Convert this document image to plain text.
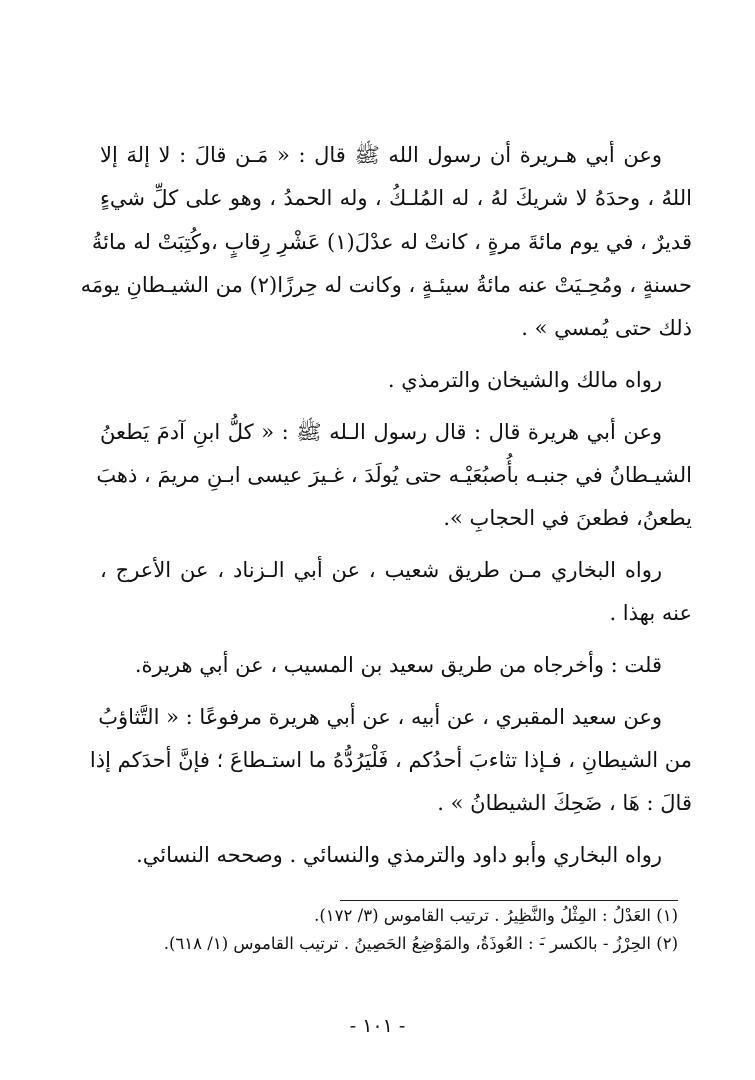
وعن أبي هـريرة أن رسول الله ﷺ قال : « مَـن قالَ : لا إلهَ إلا
اللهُ ، وحدَهُ لا شريكَ لهُ ، له المُلـكُ ، وله الحمدُ ، وهو على كلِّ شيءٍ
قديرٌ ، في يوم مائةَ مرةٍ ، كانتْ له عدْلَ(١) عَشْرِ رِقابٍ ،وكُتِبَتْ له مائةُ
حسنةٍ ، ومُحِـيَتْ عنه مائةُ سيئـةٍ ، وكانت له حِرزًا(٢) من الشيـطانِ يومَه
ذلك حتى يُمسي » .
رواه مالك والشيخان والترمذي .
وعن أبي هريرة قال : قال رسول الـله ﷺ : « كلُّ ابنِ آدمَ يَطعنُ
الشيـطانُ في جنبـه بأُصبُعَيْـه حتى يُولَدَ ، غـيرَ عيسى ابـنِ مريمَ ، ذهبَ
يطعنُ، فطعنَ في الحجابِ ».
رواه البخاري مـن طريق شعيب ، عن أبي الـزناد ، عن الأعرج ،
عنه بهذا .
قلت : وأخرجاه من طريق سعيد بن المسيب ، عن أبي هريرة.
وعن سعيد المقبري ، عن أبيه ، عن أبي هريرة مرفوعًا : « التَّثاؤبُ
من الشيطانِ ، فـإذا تثاءبَ أحدُكم ، فَلْيَرُدُّهُ ما استـطاعَ ؛ فإنَّ أحدَكم إذا
قالَ : هَا ، ضَحِكَ الشيطانُ » .
رواه البخاري وأبو داود والترمذي والنسائي . وصححه النسائي.
(١) العَدْلُ : المِثْلُ والنَّظِيرُ . ترتيب القاموس (٣/ ١٧٢).
(٢) الحِرْزُ - بالكسر -َ : العُوذَةُ، والمَوْضِعُ الحَصِينُ . ترتيب القاموس (١/ ٦١٨).
- ١٠١ -
